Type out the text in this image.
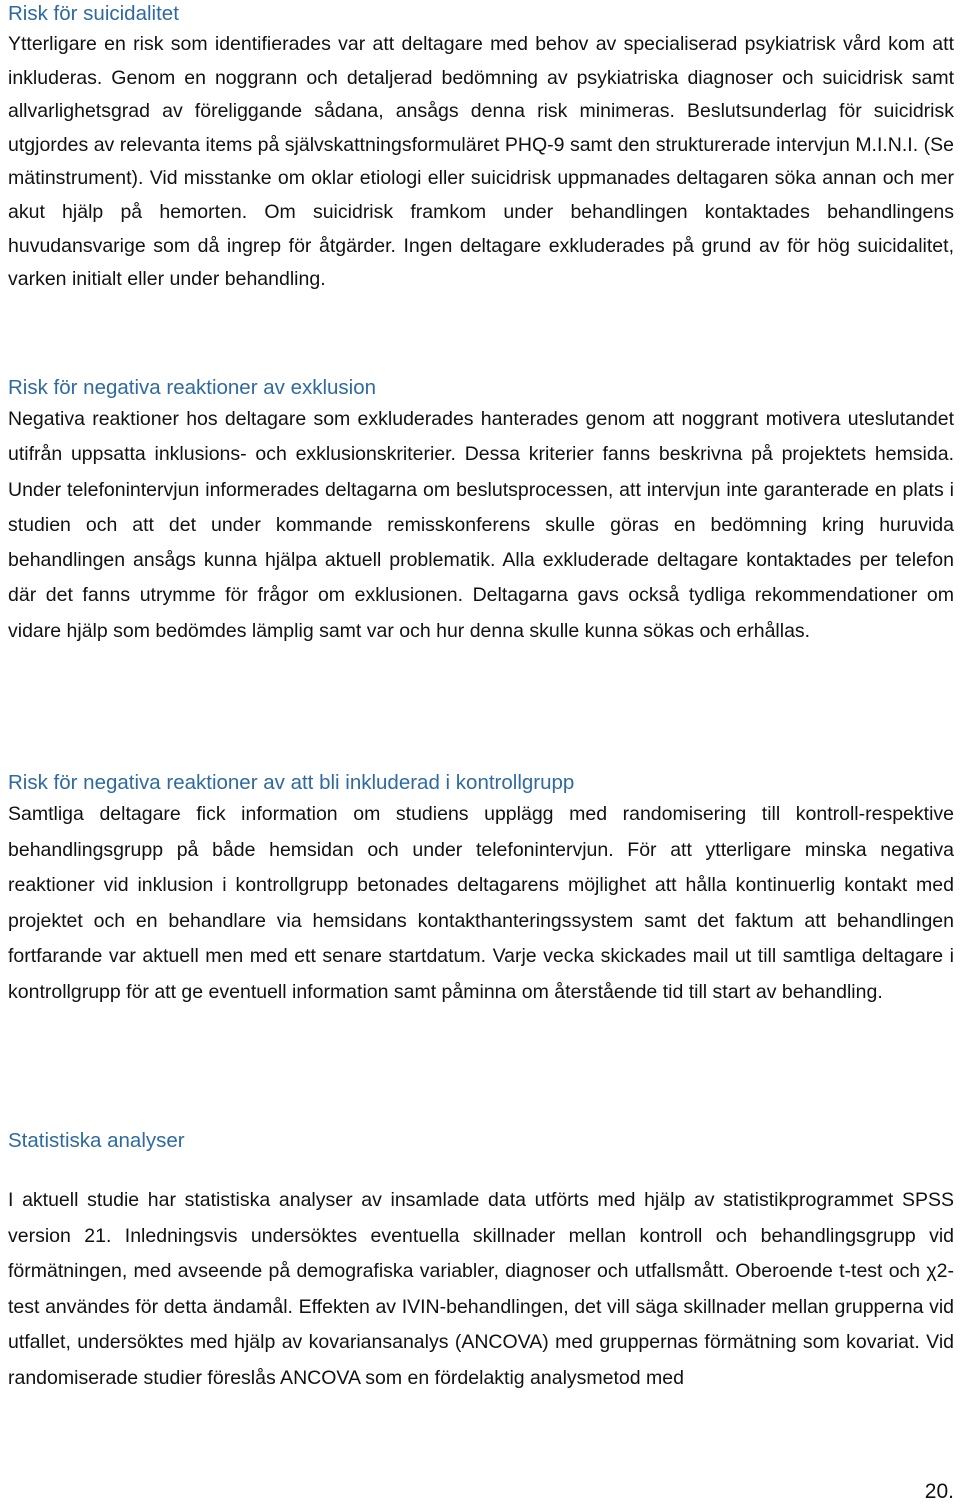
Risk för suicidalitet

Ytterligare en risk som identifierades var att deltagare med behov av specialiserad psykiatrisk vård kom att inkluderas. Genom en noggrann och detaljerad bedömning av psykiatriska diagnoser och suicidrisk samt allvarlighetsgrad av föreliggande sådana, ansågs denna risk minimeras. Beslutsunderlag för suicidrisk utgjordes av relevanta items på självskattningsformuläret PHQ-9 samt den strukturerade intervjun M.I.N.I. (Se mätinstrument). Vid misstanke om oklar etiologi eller suicidrisk uppmanades deltagaren söka annan och mer akut hjälp på hemorten. Om suicidrisk framkom under behandlingen kontaktades behandlingens huvudansvarige som då ingrep för åtgärder. Ingen deltagare exkluderades på grund av för hög suicidalitet, varken initialt eller under behandling.

Risk för negativa reaktioner av exklusion

Negativa reaktioner hos deltagare som exkluderades hanterades genom att noggrant motivera uteslutandet utifrån uppsatta inklusions- och exklusionskriterier. Dessa kriterier fanns beskrivna på projektets hemsida. Under telefonintervjun informerades deltagarna om beslutsprocessen, att intervjun inte garanterade en plats i studien och att det under kommande remisskonferens skulle göras en bedömning kring huruvida behandlingen ansågs kunna hjälpa aktuell problematik. Alla exkluderade deltagare kontaktades per telefon där det fanns utrymme för frågor om exklusionen. Deltagarna gavs också tydliga rekommendationer om vidare hjälp som bedömdes lämplig samt var och hur denna skulle kunna sökas och erhållas.

Risk för negativa reaktioner av att bli inkluderad i kontrollgrupp

Samtliga deltagare fick information om studiens upplägg med randomisering till kontroll-respektive behandlingsgrupp på både hemsidan och under telefonintervjun. För att ytterligare minska negativa reaktioner vid inklusion i kontrollgrupp betonades deltagarens möjlighet att hålla kontinuerlig kontakt med projektet och en behandlare via hemsidans kontakthanteringssystem samt det faktum att behandlingen fortfarande var aktuell men med ett senare startdatum. Varje vecka skickades mail ut till samtliga deltagare i kontrollgrupp för att ge eventuell information samt påminna om återstående tid till start av behandling.

Statistiska analyser

I aktuell studie har statistiska analyser av insamlade data utförts med hjälp av statistikprogrammet SPSS version 21. Inledningsvis undersöktes eventuella skillnader mellan kontroll och behandlingsgrupp vid förmätningen, med avseende på demografiska variabler, diagnoser och utfallsmått. Oberoende t-test och χ2-test användes för detta ändamål. Effekten av IVIN-behandlingen, det vill säga skillnader mellan grupperna vid utfallet, undersöktes med hjälp av kovariansanalys (ANCOVA) med gruppernas förmätning som kovariat. Vid randomiserade studier föreslås ANCOVA som en fördelaktig analysmetod med

20.
